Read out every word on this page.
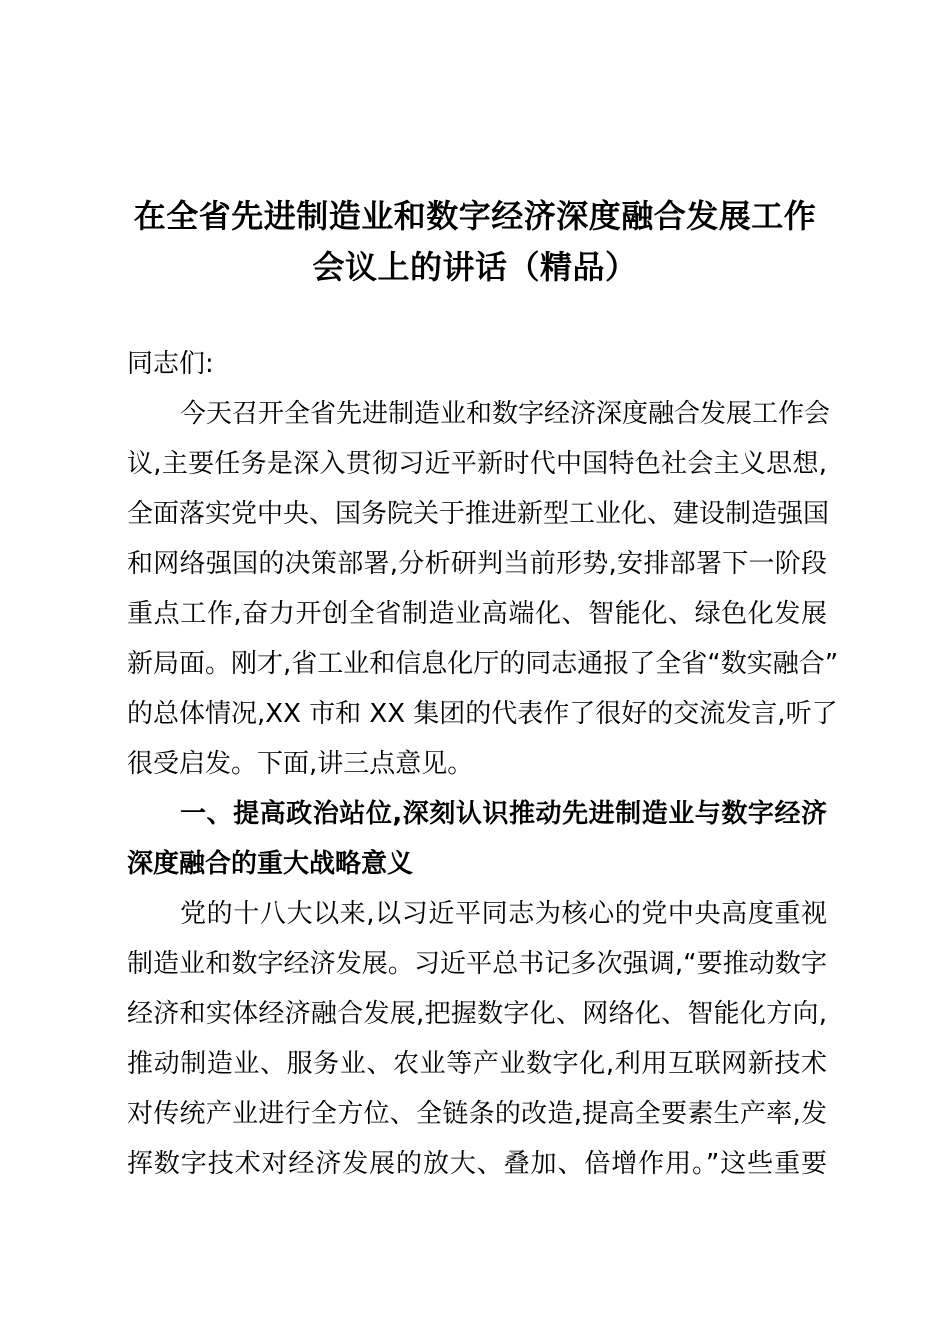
在全省先进制造业和数字经济深度融合发展工作
会议上的讲话（精品）
同志们:
今天召开全省先进制造业和数字经济深度融合发展工作会
议,主要任务是深入贯彻习近平新时代中国特色社会主义思想,
全面落实党中央、国务院关于推进新型工业化、建设制造强国
和网络强国的决策部署,分析研判当前形势,安排部署下一阶段
重点工作,奋力开创全省制造业高端化、智能化、绿色化发展
新局面。刚才,省工业和信息化厅的同志通报了全省“数实融合”
的总体情况,XX 市和 XX 集团的代表作了很好的交流发言,听了
很受启发。下面,讲三点意见。
一、提高政治站位,深刻认识推动先进制造业与数字经济
深度融合的重大战略意义
党的十八大以来,以习近平同志为核心的党中央高度重视
制造业和数字经济发展。习近平总书记多次强调,“要推动数字
经济和实体经济融合发展,把握数字化、网络化、智能化方向,
推动制造业、服务业、农业等产业数字化,利用互联网新技术
对传统产业进行全方位、全链条的改造,提高全要素生产率,发
挥数字技术对经济发展的放大、叠加、倍增作用。”这些重要
